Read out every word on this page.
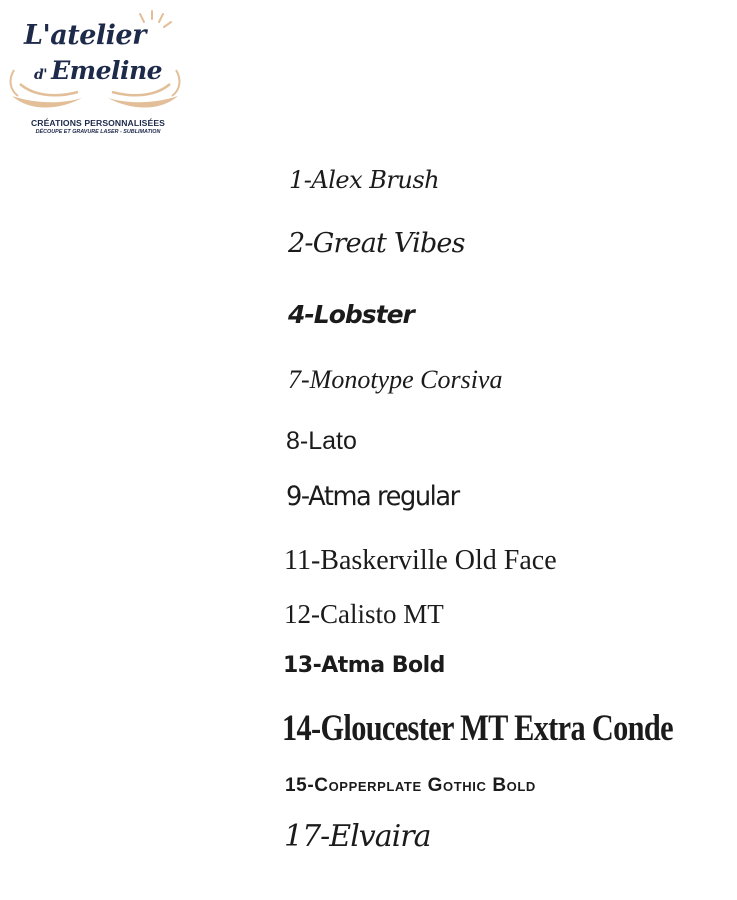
L'atelier
d' Emeline
CRÉATIONS PERSONNALISÉES
DÉCOUPE ET GRAVURE LASER - SUBLIMATION
1-Alex Brush
2-Great Vibes
4-Lobster
7-Monotype Corsiva
8-Lato
9-Atma regular
11-Baskerville Old Face
12-Calisto MT
13-Atma Bold
14-Gloucester MT Extra Conde
15-Copperplate Gothic Bold
17-Elvaira
